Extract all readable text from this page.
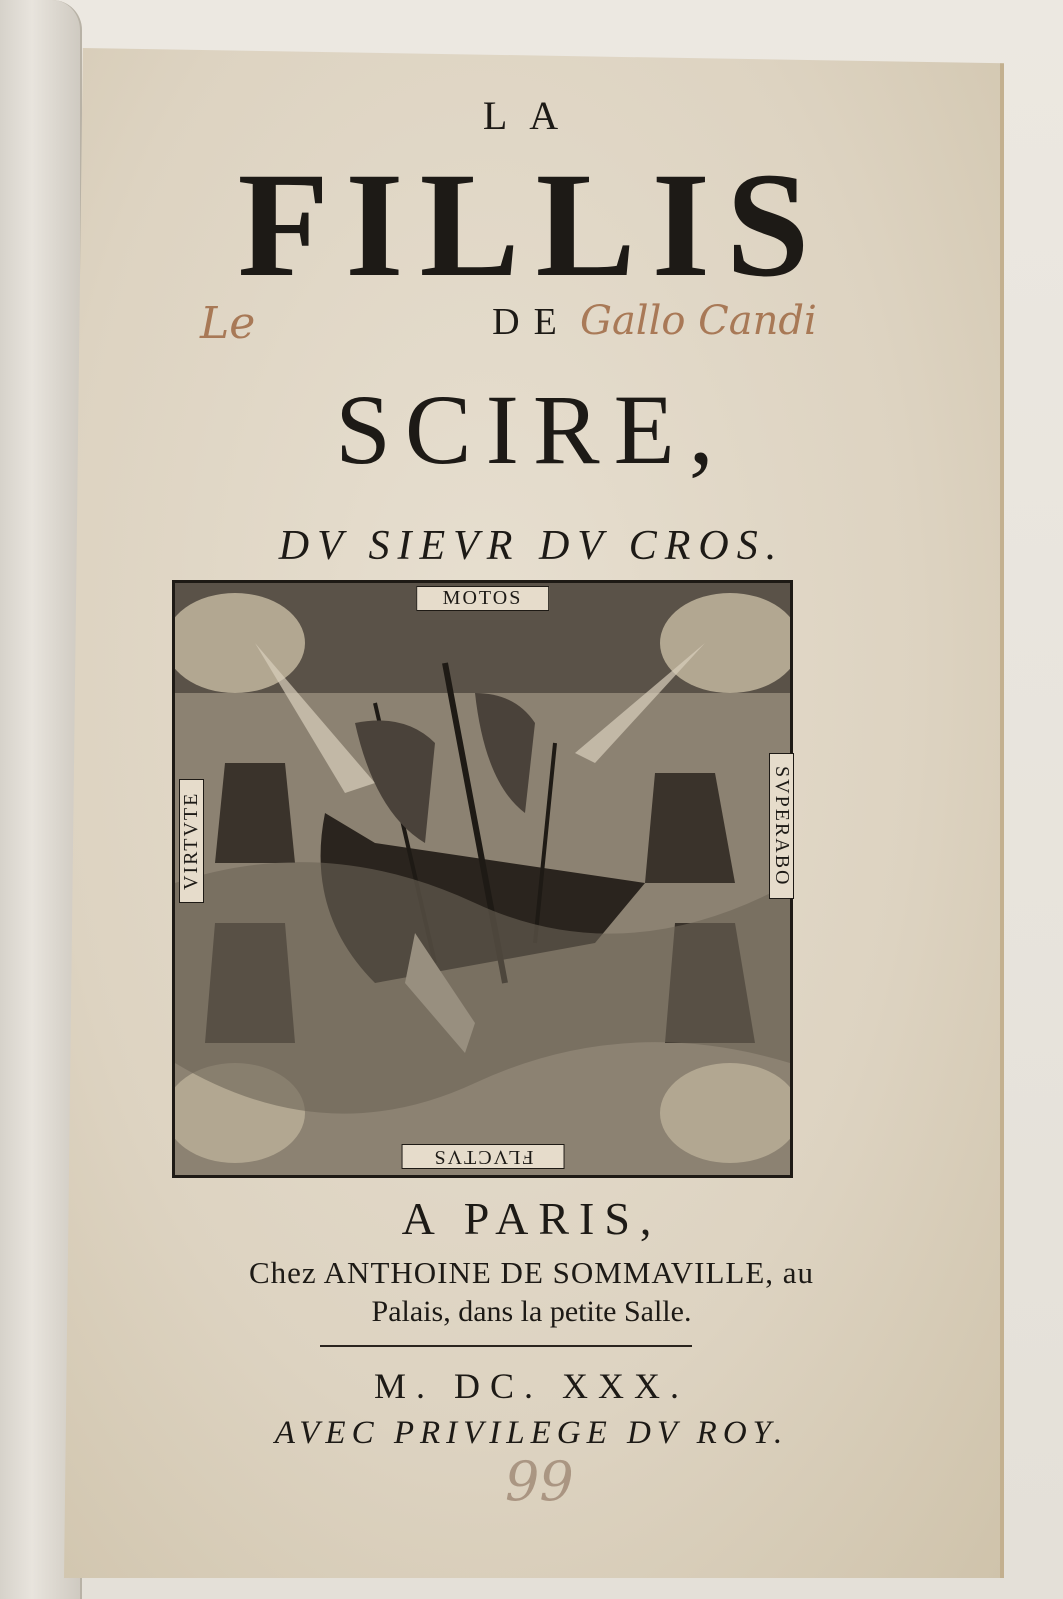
LA
FILLIS
DE
Le	Gallo Candi
SCIRE,
DV SIEVR DV CROS.
MOTOS
VIRTVTE	SVPERABO
FLVCTVS
A PARIS,
Chez ANTHOINE DE SOMMAVILLE, au
Palais, dans la petite Salle.
M. DC. XXX.
AVEC PRIVILEGE DV ROY.
99
